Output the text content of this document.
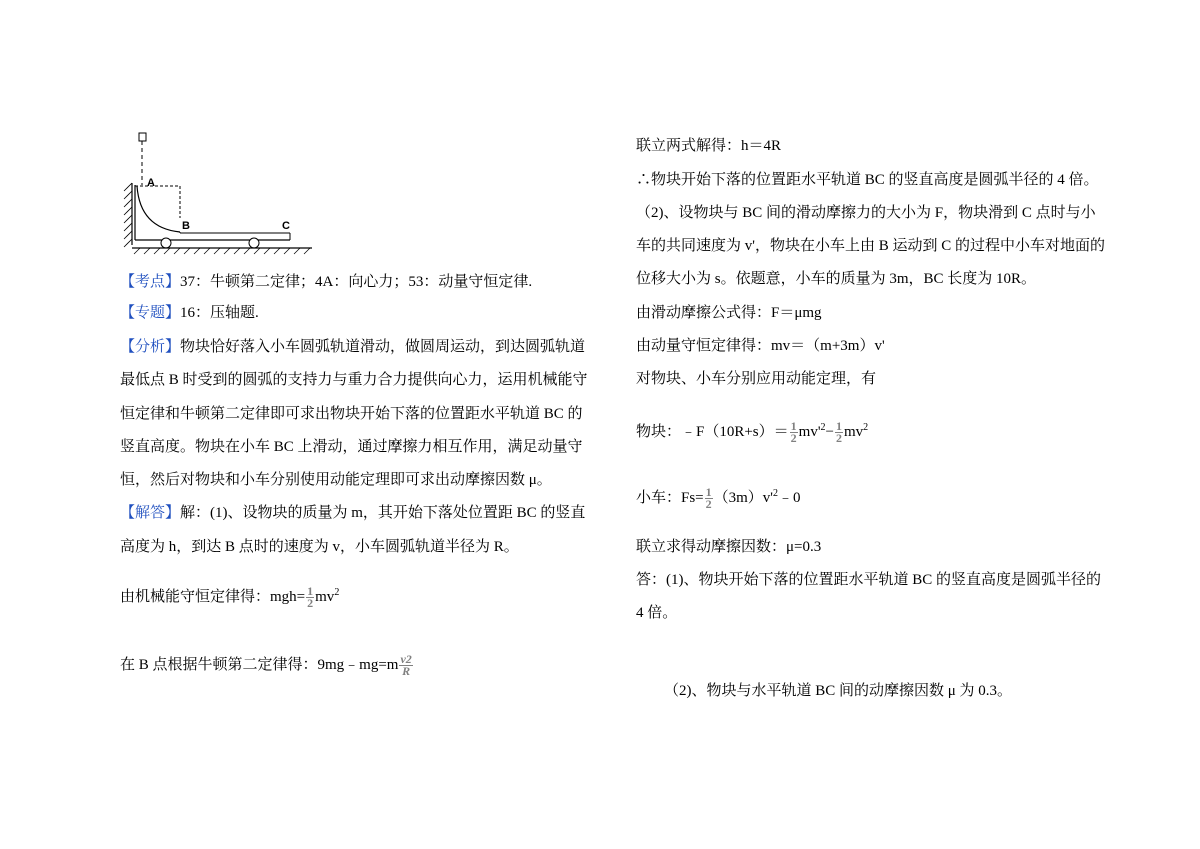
A
B	C
【考点】37：牛顿第二定律；4A：向心力；53：动量守恒定律.
【专题】16：压轴题.
【分析】物块恰好落入小车圆弧轨道滑动，做圆周运动，到达圆弧轨道
最低点 B 时受到的圆弧的支持力与重力合力提供向心力，运用机械能守
恒定律和牛顿第二定律即可求出物块开始下落的位置距水平轨道 BC 的
竖直高度。物块在小车 BC 上滑动，通过摩擦力相互作用，满足动量守
恒，然后对物块和小车分别使用动能定理即可求出动摩擦因数 μ。
【解答】解：(1)、设物块的质量为 m，其开始下落处位置距 BC 的竖直
高度为 h，到达 B 点时的速度为 v，小车圆弧轨道半径为 R。
由机械能守恒定律得：$mgh= \frac{1}{2} mv^2$
在 B 点根据牛顿第二定律得：9mg﹣mg=m $\frac{v2}{R}$
联立两式解得：h＝4R
∴物块开始下落的位置距水平轨道 BC 的竖直高度是圆弧半径的 4 倍。
（2)、设物块与 BC 间的滑动摩擦力的大小为 F，物块滑到 C 点时与小
车的共同速度为 v'，物块在小车上由 B 运动到 C 的过程中小车对地面的
位移大小为 s。依题意，小车的质量为 3m，BC 长度为 10R。
由滑动摩擦公式得：F＝μmg
由动量守恒定律得：mv＝（m+3m）v'
对物块、小车分别应用动能定理，有
物块：﹣F（10R+s）＝ $\frac{1}{2} mv'^2- \frac{1}{2} mv^2$
小车：$Fs= \frac{1}{2}$ $(3m)v'^2﹣0$
联立求得动摩擦因数：μ=0.3
答：(1)、物块开始下落的位置距水平轨道 BC 的竖直高度是圆弧半径的
4 倍。
（2)、物块与水平轨道 BC 间的动摩擦因数 μ 为 0.3。
